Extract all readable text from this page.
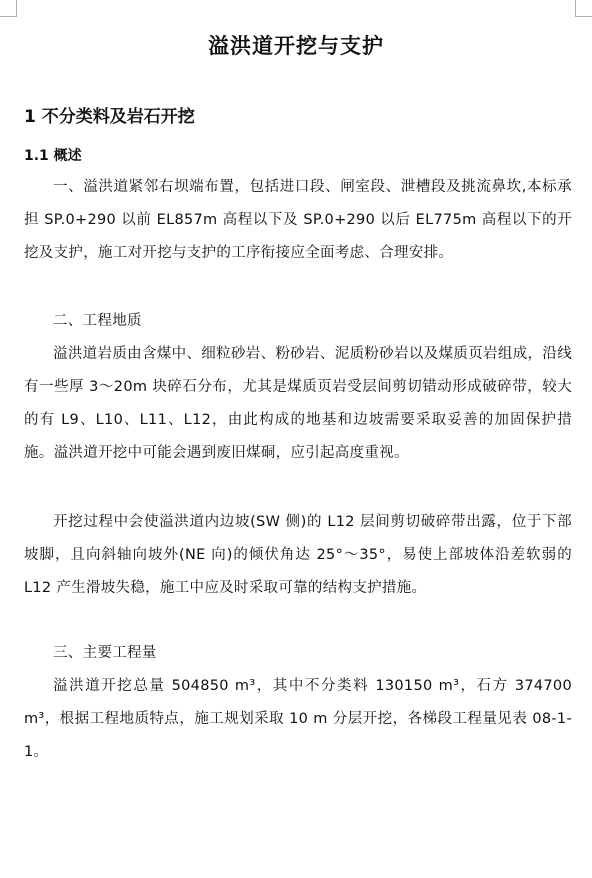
溢洪道开挖与支护
1 不分类料及岩石开挖
1.1 概述

一、溢洪道紧邻右坝端布置，包括进口段、闸室段、泄槽段及挑流鼻坎,本标承担 SP.0+290 以前 EL857m 高程以下及 SP.0+290 以后 EL775m 高程以下的开挖及支护，施工对开挖与支护的工序衔接应全面考虑、合理安排。

二、工程地质

溢洪道岩质由含煤中、细粒砂岩、粉砂岩、泥质粉砂岩以及煤质页岩组成，沿线有一些厚 3～20m 块碎石分布，尤其是煤质页岩受层间剪切错动形成破碎带，较大的有 L9、L10、L11、L12，由此构成的地基和边坡需要采取妥善的加固保护措施。溢洪道开挖中可能会遇到废旧煤硐，应引起高度重视。

开挖过程中会使溢洪道内边坡(SW 侧)的 L12 层间剪切破碎带出露，位于下部坡脚，且向斜轴向坡外(NE 向)的倾伏角达 25°～35°，易使上部坡体沿差软弱的 L12 产生滑坡失稳，施工中应及时采取可靠的结构支护措施。

三、主要工程量

溢洪道开挖总量 504850 m³，其中不分类料 130150 m³，石方 374700 m³，根据工程地质特点，施工规划采取 10 m 分层开挖，各梯段工程量见表 08-1-1。
